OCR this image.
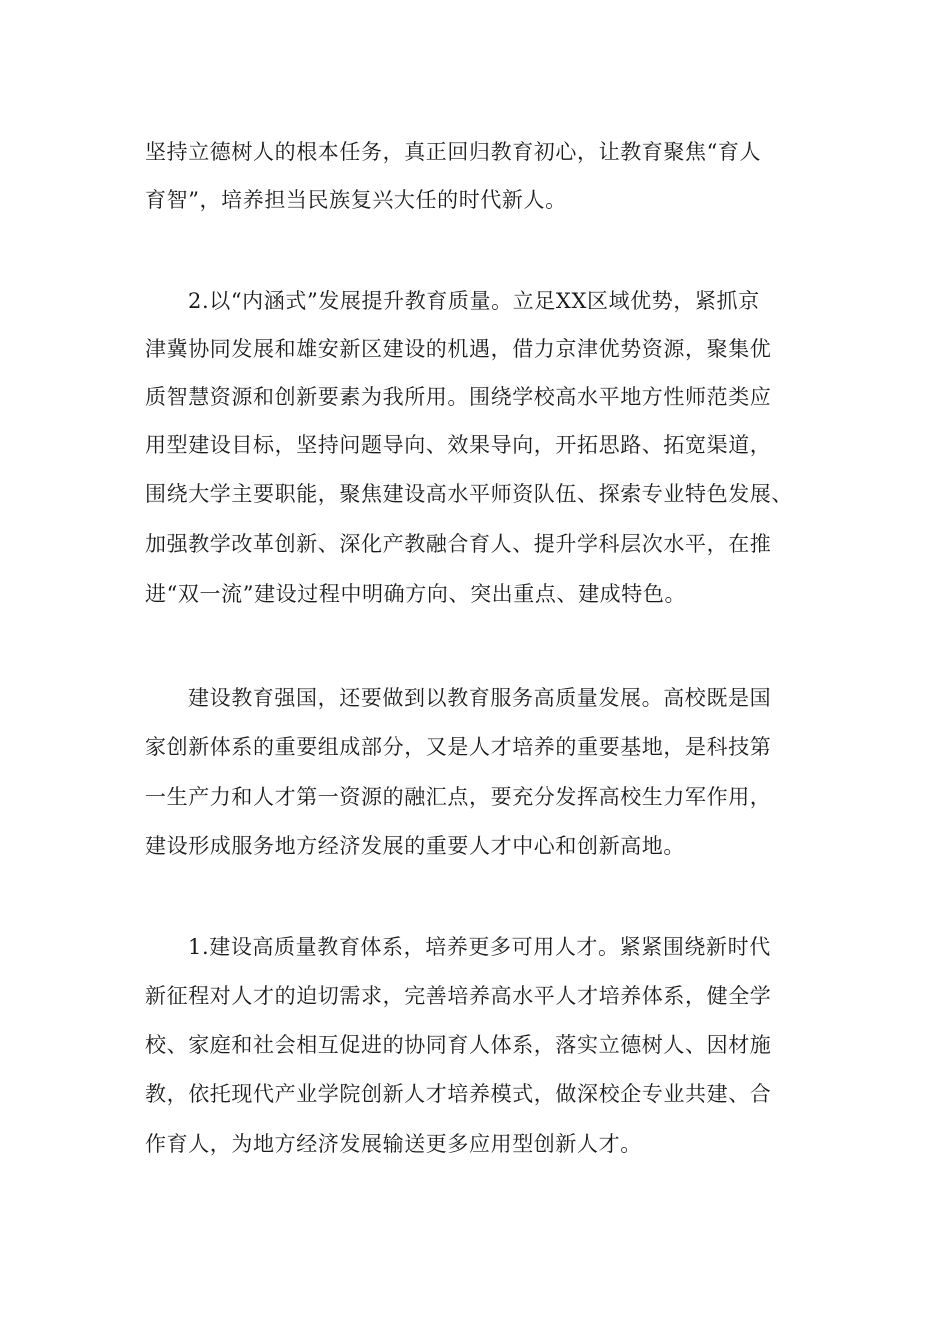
坚持立德树人的根本任务，真正回归教育初心，让教育聚焦“育人
育智”，培养担当民族复兴大任的时代新人。
2.以“内涵式”发展提升教育质量。立足XX区域优势，紧抓京
津冀协同发展和雄安新区建设的机遇，借力京津优势资源，聚集优
质智慧资源和创新要素为我所用。围绕学校高水平地方性师范类应
用型建设目标，坚持问题导向、效果导向，开拓思路、拓宽渠道，
围绕大学主要职能，聚焦建设高水平师资队伍、探索专业特色发展、
加强教学改革创新、深化产教融合育人、提升学科层次水平，在推
进“双一流”建设过程中明确方向、突出重点、建成特色。
建设教育强国，还要做到以教育服务高质量发展。高校既是国
家创新体系的重要组成部分，又是人才培养的重要基地，是科技第
一生产力和人才第一资源的融汇点，要充分发挥高校生力军作用，
建设形成服务地方经济发展的重要人才中心和创新高地。
1.建设高质量教育体系，培养更多可用人才。紧紧围绕新时代
新征程对人才的迫切需求，完善培养高水平人才培养体系，健全学
校、家庭和社会相互促进的协同育人体系，落实立德树人、因材施
教，依托现代产业学院创新人才培养模式，做深校企专业共建、合
作育人，为地方经济发展输送更多应用型创新人才。
